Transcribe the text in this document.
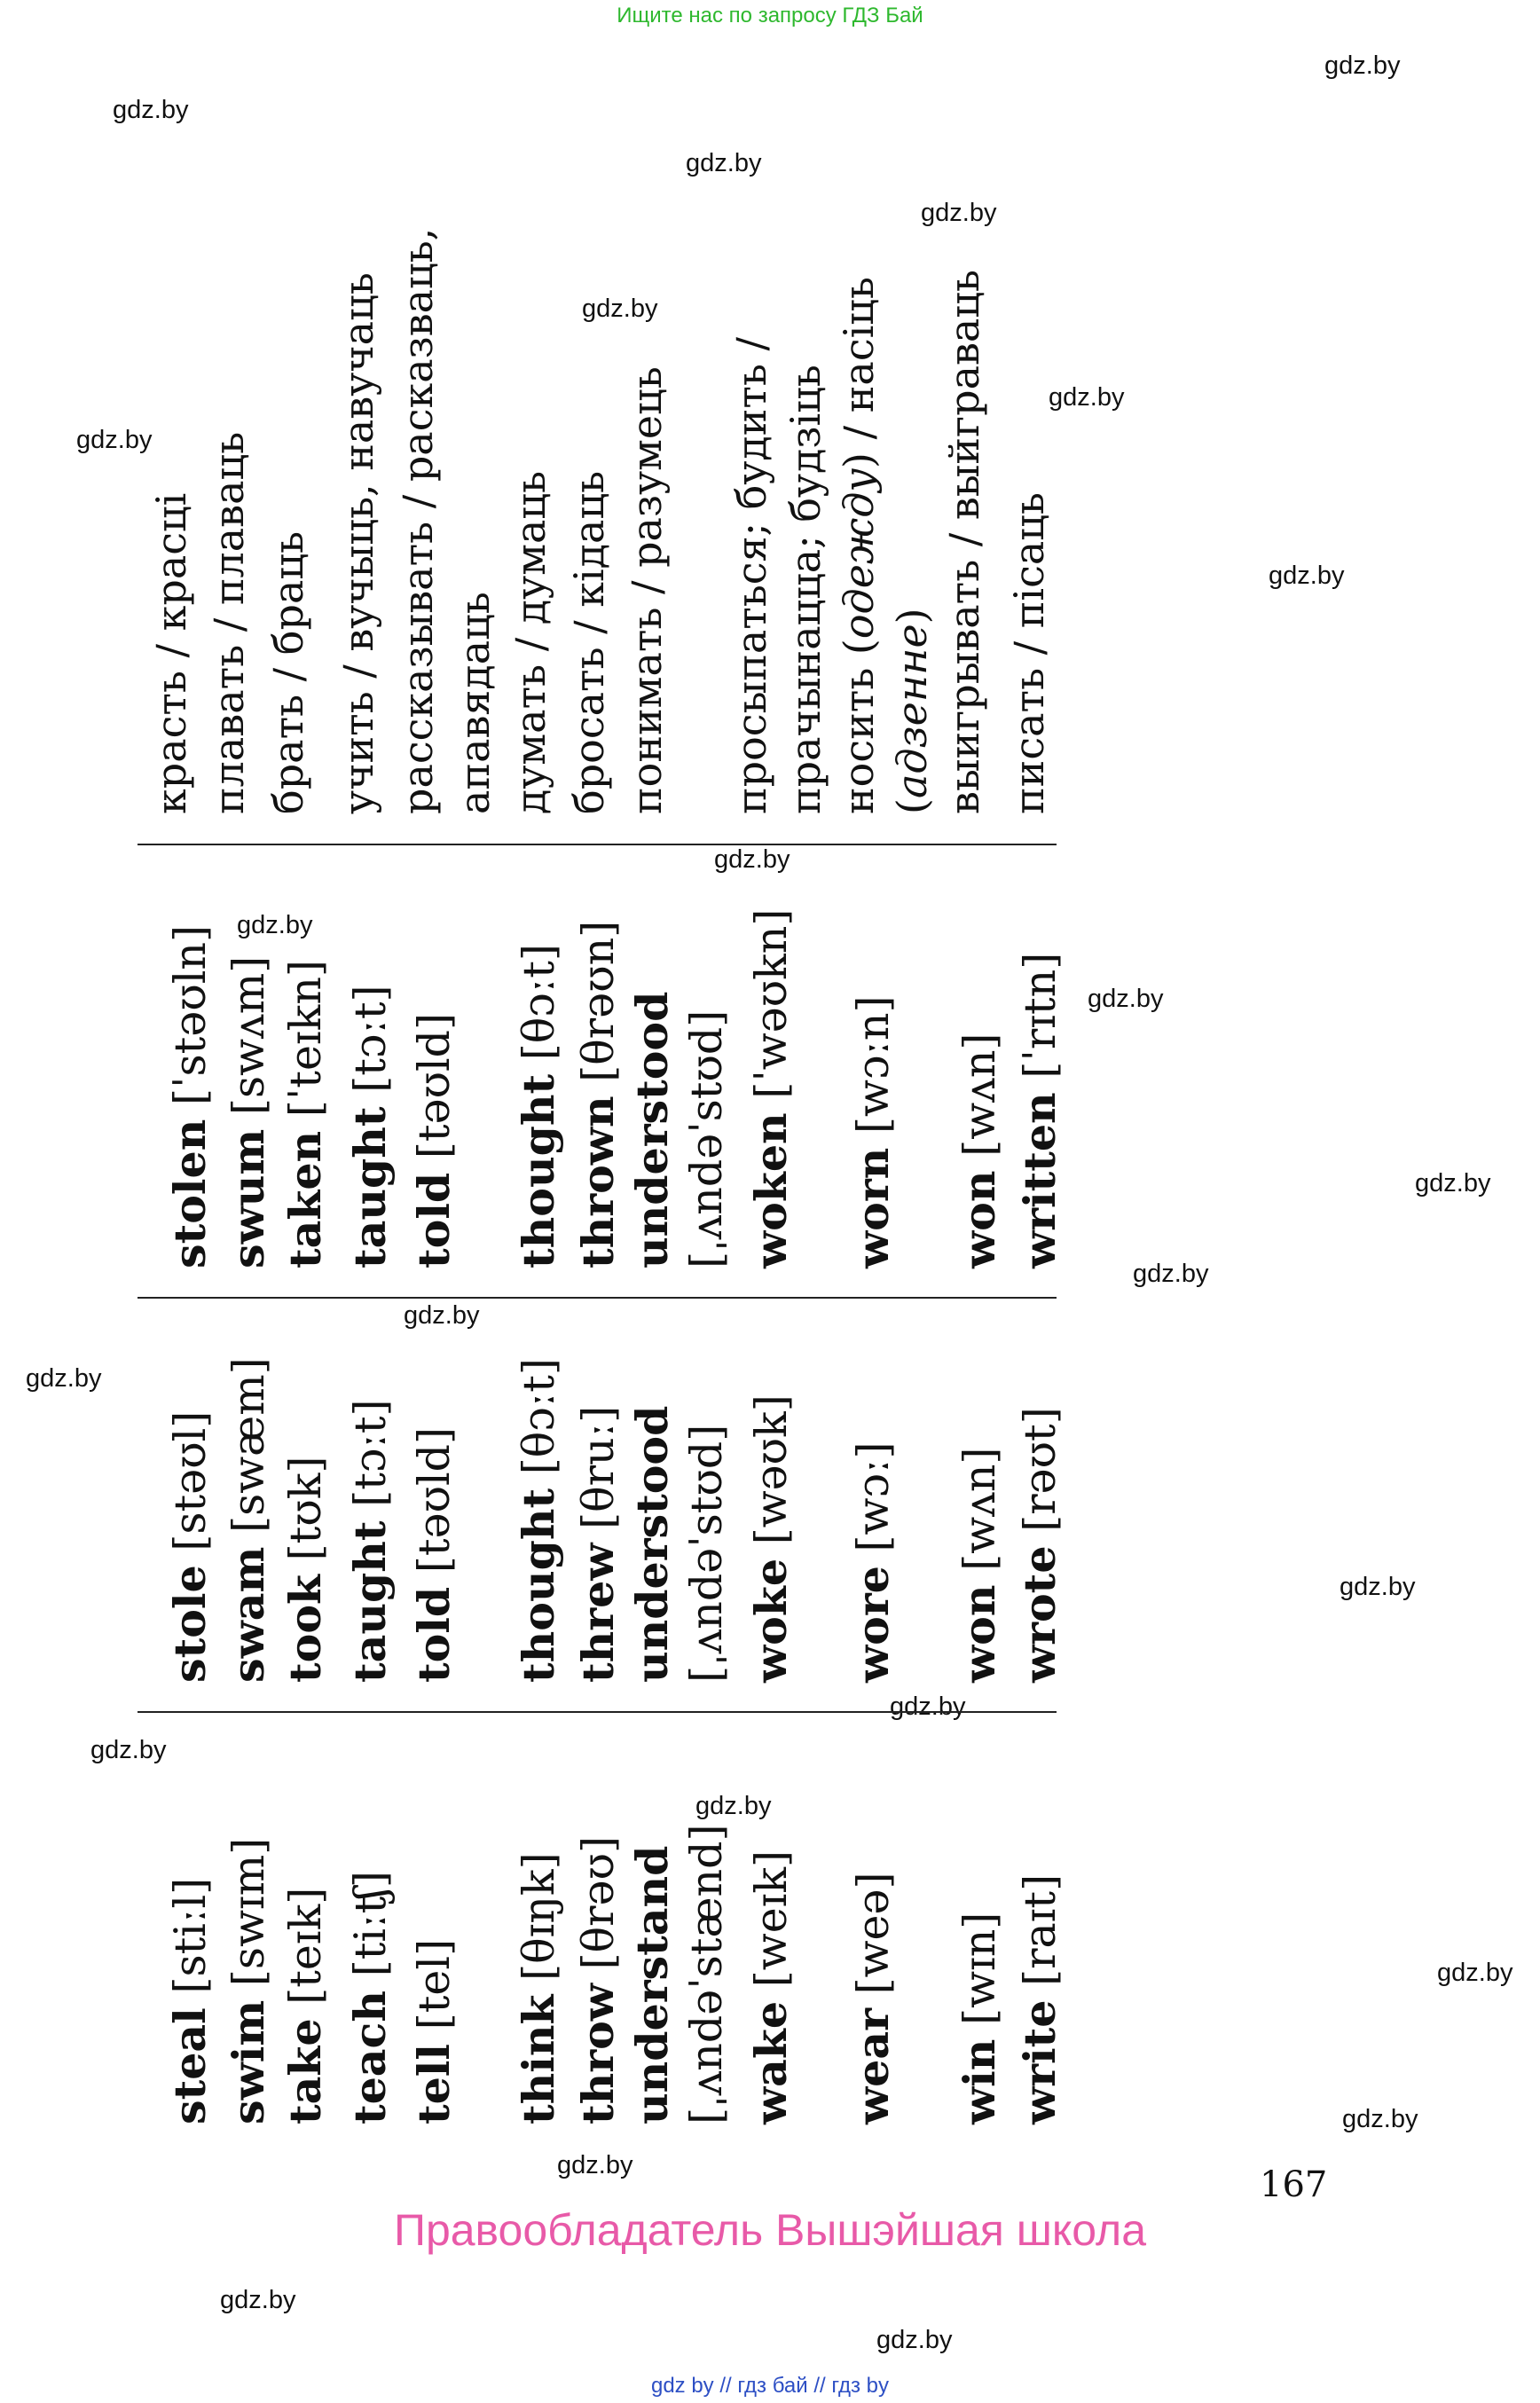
Ищите нас по запросу ГДЗ Бай
gdz.by
gdz.by
gdz.by
gdz.by
gdz.by
gdz.by
gdz.by
gdz.by
gdz.by
gdz.by
gdz.by
gdz.by
gdz.by
gdz.by
gdz.by
gdz.by
gdz.by
gdz.by
gdz.by
gdz.by
gdz.by
gdz.by
gdz.by
gdz.by
красть / красці плавать / плаваць брать / браць учить / вучыць, навучаць рассказывать / расказваць, апавядаць думать / думаць бросать / кідаць понимать / разумець просыпаться; будить / прачынацца; будзіць носить (одежду) / насіць
(адзенне) выигрывать / выйграваць писать / пісаць
stolen [ˈstəʊln]
swum [swʌm]
taken [ˈteɪkn]
taught [tɔːt]
told [təʊld] thought [θɔːt]
thrown [θrəʊn] understood [ˌʌndəˈstʊd] woken [ˈwəʊkn]
worn [wɔːn]
won [wʌn] written [ˈrɪtn]
stole [stəʊl]
swam [swæm]
took [tʊk]
taught [tɔːt]
told [təʊld] thought [θɔːt]
threw [θruː] understood [ˌʌndəˈstʊd] woke [wəʊk]
wore [wɔː]
won [wʌn]
wrote [rəʊt]
steal [stiːl]
swim [swɪm]
take [teɪk]
teach [tiːʧ]
tell [tel]
think [θɪŋk]
throw [θrəʊ] understand [ˌʌndəˈstænd] wake [weɪk]
wear [weə]
win [wɪn]
write [raɪt]
167
Правообладатель Вышэйшая школа
gdz by // гдз бай // гдз by
